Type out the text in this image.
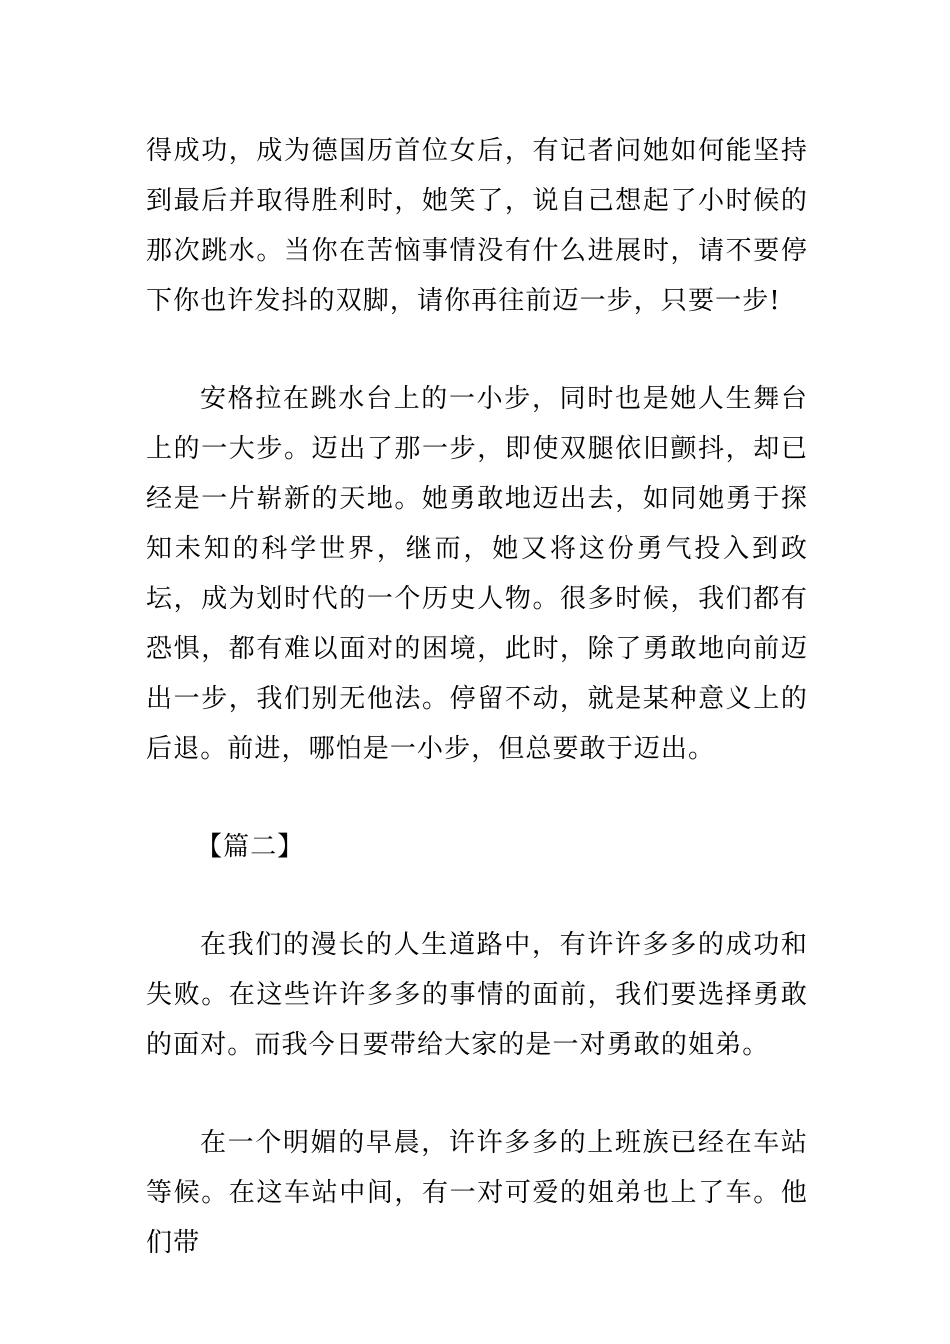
得成功，成为德国历首位女后，有记者问她如何能坚持到最后并取得胜利时，她笑了，说自己想起了小时候的那次跳水。当你在苦恼事情没有什么进展时，请不要停下你也许发抖的双脚，请你再往前迈一步，只要一步!

安格拉在跳水台上的一小步，同时也是她人生舞台上的一大步。迈出了那一步，即使双腿依旧颤抖，却已经是一片崭新的天地。她勇敢地迈出去，如同她勇于探知未知的科学世界，继而，她又将这份勇气投入到政坛，成为划时代的一个历史人物。很多时候，我们都有恐惧，都有难以面对的困境，此时，除了勇敢地向前迈出一步，我们别无他法。停留不动，就是某种意义上的后退。前进，哪怕是一小步，但总要敢于迈出。

【篇二】

在我们的漫长的人生道路中，有许许多多的成功和失败。在这些许许多多的事情的面前，我们要选择勇敢的面对。而我今日要带给大家的是一对勇敢的姐弟。

在一个明媚的早晨，许许多多的上班族已经在车站等候。在这车站中间，有一对可爱的姐弟也上了车。他们带
